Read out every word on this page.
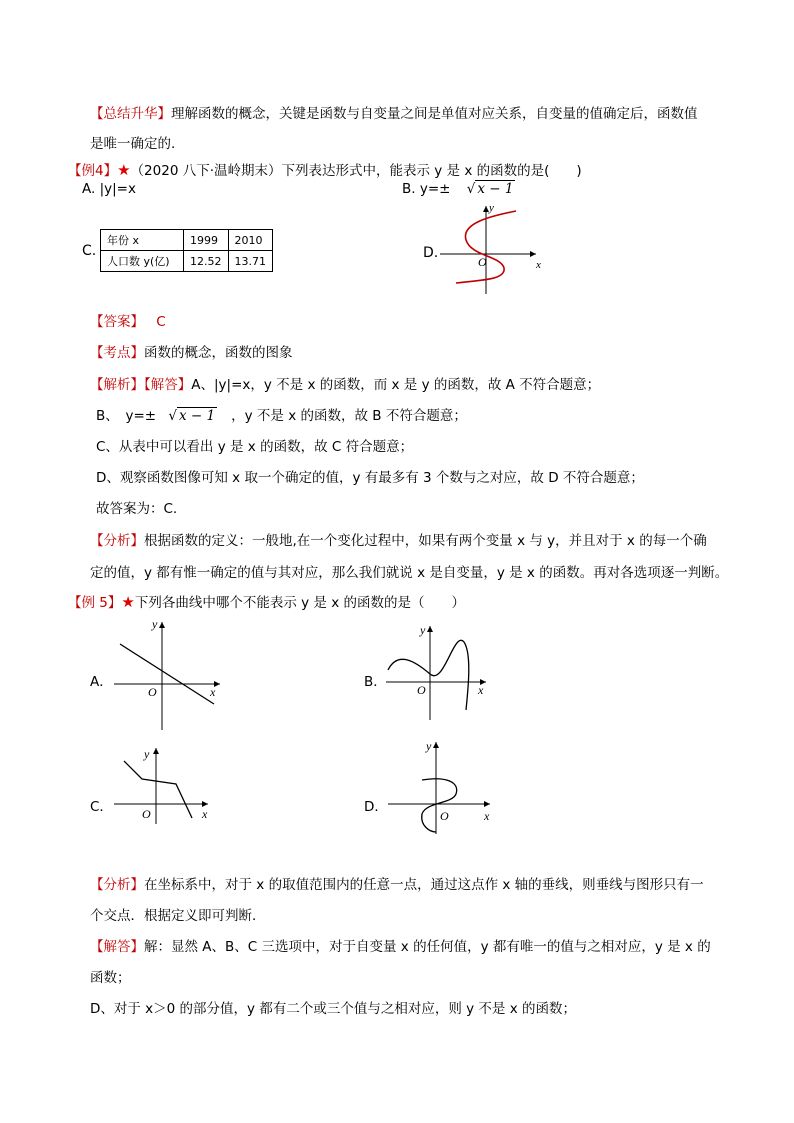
【总结升华】理解函数的概念，关键是函数与自变量之间是单值对应关系，自变量的值确定后，函数值
是唯一确定的.
【例4】★（2020 八下·温岭期末）下列表达形式中，能表示 y 是 x 的函数的是(　　)
A. |y|=x	B. y=± √ x − 1
C.
年份 x	1999	2010
人口数 y(亿)	12.52	13.71	D.
y
x
O
【答案】 C
【考点】函数的概念，函数的图象
【解析】【解答】A、|y|=x，y 不是 x 的函数，而 x 是 y 的函数，故 A 不符合题意；
B、　y=± √ x − 1 ，y 不是 x 的函数，故 B 不符合题意；
C、从表中可以看出 y 是 x 的函数，故 C 符合题意；
D、观察函数图像可知 x 取一个确定的值，y 有最多有 3 个数与之对应，故 D 不符合题意；
故答案为：C.
【分析】根据函数的定义：一般地,在一个变化过程中，如果有两个变量 x 与 y，并且对于 x 的每一个确
定的值，y 都有惟一确定的值与其对应，那么我们就说 x 是自变量，y 是 x 的函数。再对各选项逐一判断。
【例 5】★下列各曲线中哪个不能表示 y 是 x 的函数的是（　　）
A．
y
x
O
B．
y
x
O
C．
y
x
O	D．
y
x
O
【分析】在坐标系中，对于 x 的取值范围内的任意一点，通过这点作 x 轴的垂线，则垂线与图形只有一
个交点．根据定义即可判断．
【解答】解：显然 A、B、C 三选项中，对于自变量 x 的任何值，y 都有唯一的值与之相对应，y 是 x 的
函数；
D、对于 x＞0 的部分值，y 都有二个或三个值与之相对应，则 y 不是 x 的函数；
